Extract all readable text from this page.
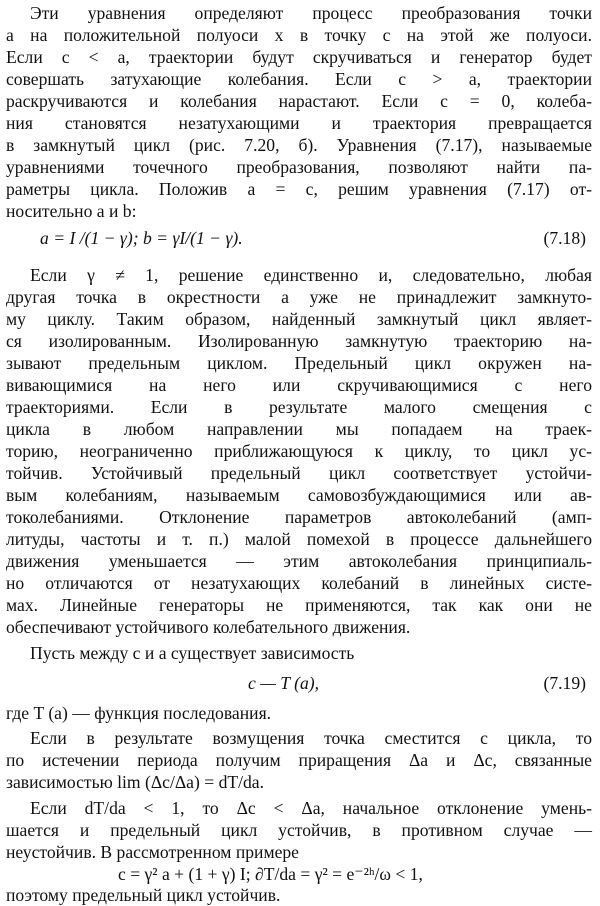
Эти уравнения определяют процесс преобразования точки
a на положительной полуоси x в точку c на этой же полуоси.
Если c < a, траектории будут скручиваться и генератор будет
совершать затухающие колебания. Если c > a, траектории
раскручиваются и колебания нарастают. Если c = 0, колеба-
ния становятся незатухающими и траектория превращается
в замкнутый цикл (рис. 7.20, б). Уравнения (7.17), называемые
уравнениями точечного преобразования, позволяют найти па-
раметры цикла. Положив a = c, решим уравнения (7.17) от-
носительно a и b:
a = I /(1 − γ); b = γI/(1 − γ).	(7.18)
Если γ ≠ 1, решение единственно и, следовательно, любая
другая точка в окрестности a уже не принадлежит замкнуто-
му циклу. Таким образом, найденный замкнутый цикл являет-
ся изолированным. Изолированную замкнутую траекторию на-
зывают предельным циклом. Предельный цикл окружен на-
вивающимися на него или скручивающимися с него
траекториями. Если в результате малого смещения с
цикла в любом направлении мы попадаем на траек-
торию, неограниченно приближающуюся к циклу, то цикл ус-
тойчив. Устойчивый предельный цикл соответствует устойчи-
вым колебаниям, называемым самовозбуждающимися или ав-
токолебаниями. Отклонение параметров автоколебаний (амп-
литуды, частоты и т. п.) малой помехой в процессе дальнейшего
движения уменьшается — этим автоколебания принципиаль-
но отличаются от незатухающих колебаний в линейных систе-
мах. Линейные генераторы не применяются, так как они не
обеспечивают устойчивого колебательного движения.
Пусть между c и a существует зависимость
c — T (a),	(7.19)
где T (a) — функция последования.
Если в результате возмущения точка сместится с цикла, то
по истечении периода получим приращения Δa и Δc, связанные
зависимостью lim (Δc/Δa) = dT/da.
Если dT/da < 1, то Δc < Δa, начальное отклонение умень-
шается и предельный цикл устойчив, в противном случае —
неустойчив. В рассмотренном примере
c = γ² a + (1 + γ) I; ∂T/da = γ² = e⁻²ʰ/ω < 1,
поэтому предельный цикл устойчив.
